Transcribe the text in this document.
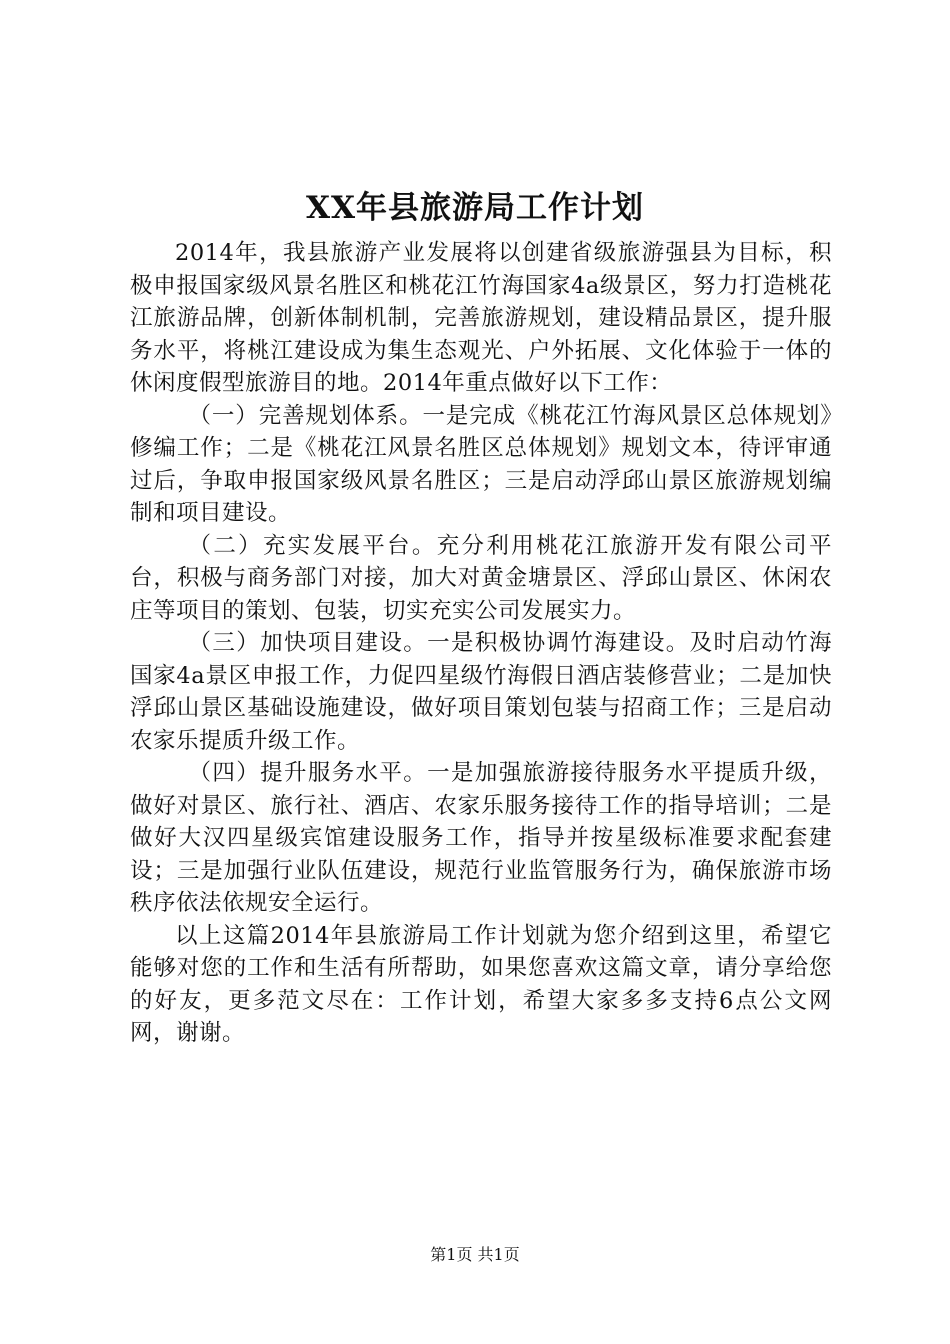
XX年县旅游局工作计划

2014年，我县旅游产业发展将以创建省级旅游强县为目标，积极申报国家级风景名胜区和桃花江竹海国家4a级景区，努力打造桃花江旅游品牌，创新体制机制，完善旅游规划，建设精品景区，提升服务水平，将桃江建设成为集生态观光、户外拓展、文化体验于一体的休闲度假型旅游目的地。2014年重点做好以下工作：

（一）完善规划体系。一是完成《桃花江竹海风景区总体规划》修编工作；二是《桃花江风景名胜区总体规划》规划文本，待评审通过后，争取申报国家级风景名胜区；三是启动浮邱山景区旅游规划编制和项目建设。

（二）充实发展平台。充分利用桃花江旅游开发有限公司平台，积极与商务部门对接，加大对黄金塘景区、浮邱山景区、休闲农庄等项目的策划、包装，切实充实公司发展实力。

（三）加快项目建设。一是积极协调竹海建设。及时启动竹海国家4a景区申报工作，力促四星级竹海假日酒店装修营业；二是加快浮邱山景区基础设施建设，做好项目策划包装与招商工作；三是启动农家乐提质升级工作。

（四）提升服务水平。一是加强旅游接待服务水平提质升级，做好对景区、旅行社、酒店、农家乐服务接待工作的指导培训；二是做好大汉四星级宾馆建设服务工作，指导并按星级标准要求配套建设；三是加强行业队伍建设，规范行业监管服务行为，确保旅游市场秩序依法依规安全运行。

以上这篇2014年县旅游局工作计划就为您介绍到这里，希望它能够对您的工作和生活有所帮助，如果您喜欢这篇文章，请分享给您的好友，更多范文尽在：工作计划，希望大家多多支持6点公文网网，谢谢。

第1页 共1页
